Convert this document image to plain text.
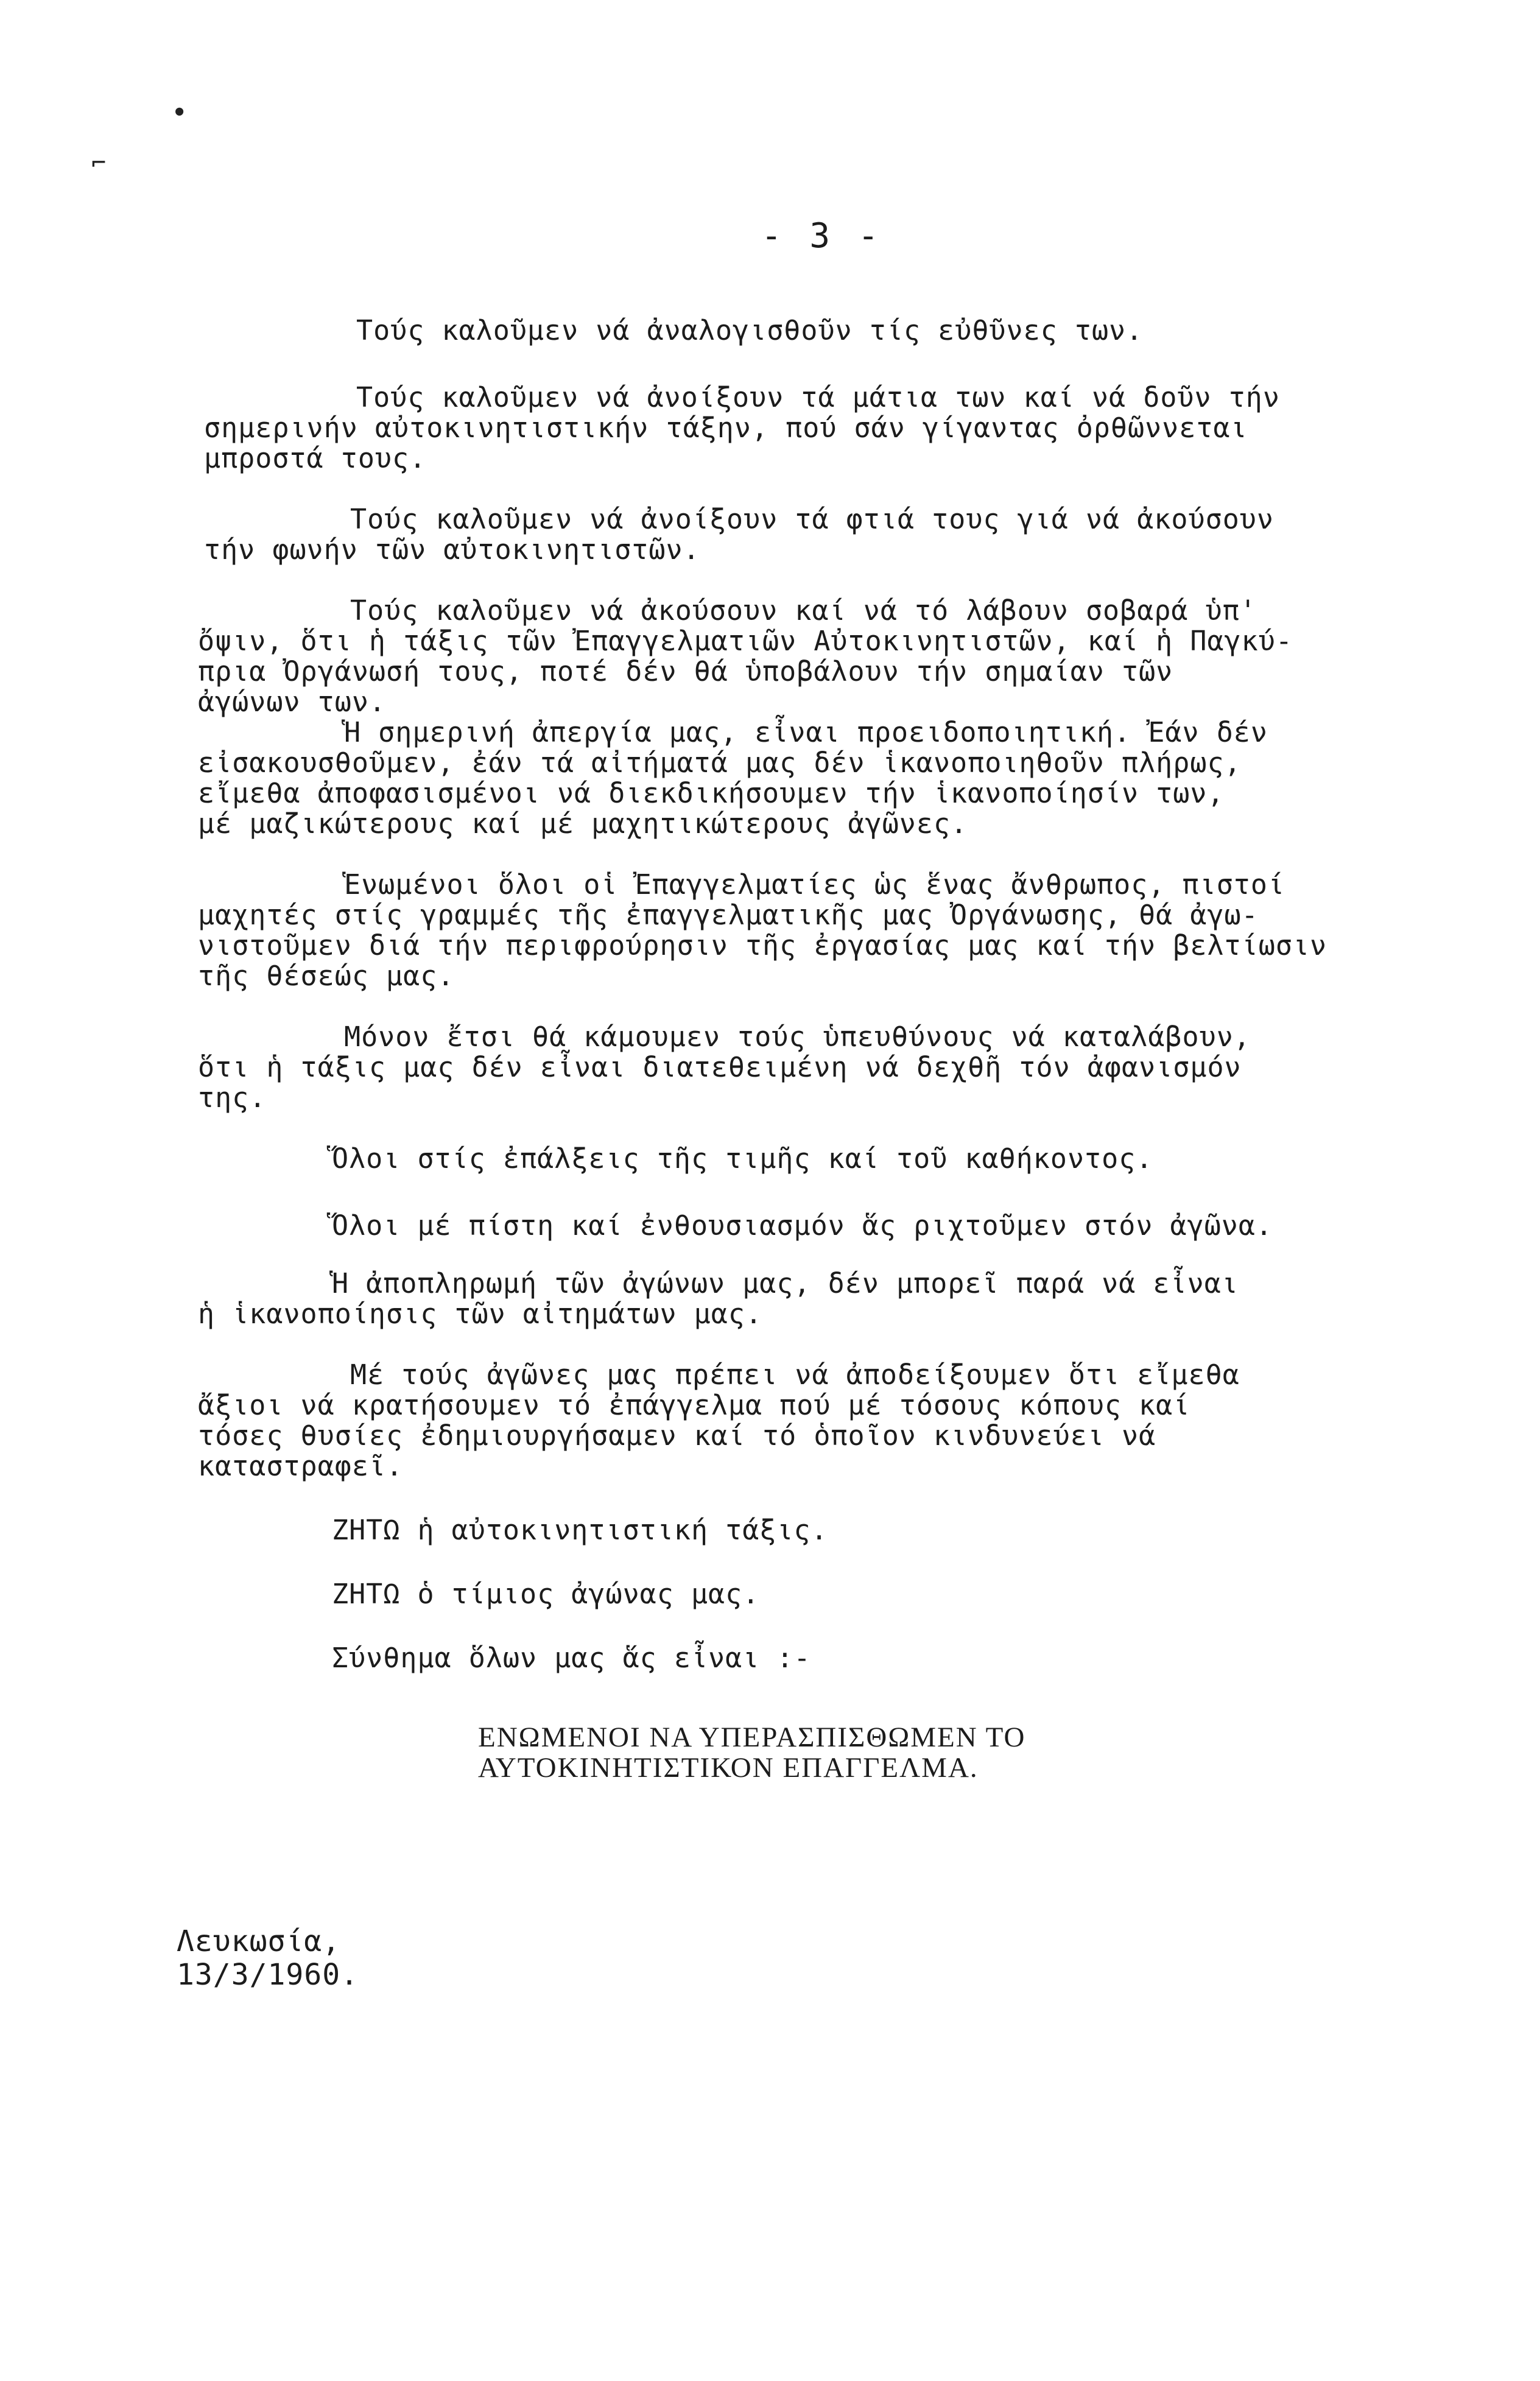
●
⌐
- 3 -
Τούς καλοῦμεν νά ἀναλογισθοῦν τίς εὐθῦνες των.
Τούς καλοῦμεν νά ἀνοίξουν τά μάτια των καί νά δοῦν τήν
σημερινήν αὐτοκινητιστικήν τάξην, πού σάν γίγαντας ὀρθῶννεται
μπροστά τους.
Τούς καλοῦμεν νά ἀνοίξουν τά φτιά τους γιά νά ἀκούσουν
τήν φωνήν τῶν αὐτοκινητιστῶν.
Τούς καλοῦμεν νά ἀκούσουν καί νά τό λάβουν σοβαρά ὑπ'
ὄψιν, ὅτι ἡ τάξις τῶν Ἐπαγγελματιῶν Αὐτοκινητιστῶν, καί ἡ Παγκύ-
πρια Ὀργάνωσή τους, ποτέ δέν θά ὑποβάλουν τήν σημαίαν τῶν
ἀγώνων των.
Ἡ σημερινή ἀπεργία μας, εἶναι προειδοποιητική. Ἐάν δέν
εἰσακουσθοῦμεν, ἐάν τά αἰτήματά μας δέν ἱκανοποιηθοῦν πλήρως,
εἴμεθα ἀποφασισμένοι νά διεκδικήσουμεν τήν ἱκανοποίησίν των,
μέ μαζικώτερους καί μέ μαχητικώτερους ἀγῶνες.
Ἑνωμένοι ὅλοι οἱ Ἐπαγγελματίες ὡς ἕνας ἄνθρωπος, πιστοί
μαχητές στίς γραμμές τῆς ἐπαγγελματικῆς μας Ὀργάνωσης, θά ἀγω-
νιστοῦμεν διά τήν περιφρούρησιν τῆς ἐργασίας μας καί τήν βελτίωσιν
τῆς θέσεώς μας.
Μόνον ἔτσι θά κάμουμεν τούς ὑπευθύνους νά καταλάβουν,
ὅτι ἡ τάξις μας δέν εἶναι διατεθειμένη νά δεχθῆ τόν ἀφανισμόν
της.
Ὅλοι στίς ἐπάλξεις τῆς τιμῆς καί τοῦ καθήκοντος.
Ὅλοι μέ πίστη καί ἐνθουσιασμόν ἅς ριχτοῦμεν στόν ἀγῶνα.
Ἡ ἀποπληρωμή τῶν ἀγώνων μας, δέν μπορεῖ παρά νά εἶναι
ἡ ἱκανοποίησις τῶν αἰτημάτων μας.
Μέ τούς ἀγῶνες μας πρέπει νά ἀποδείξουμεν ὅτι εἴμεθα
ἄξιοι νά κρατήσουμεν τό ἐπάγγελμα πού μέ τόσους κόπους καί
τόσες θυσίες ἐδημιουργήσαμεν καί τό ὁποῖον κινδυνεύει νά
καταστραφεῖ.
ΖΗΤΩ ἡ αὐτοκινητιστική τάξις.
ΖΗΤΩ ὁ τίμιος ἀγώνας μας.
Σύνθημα ὅλων μας ἅς εἶναι :-
ΕΝΩΜΕΝΟΙ ΝΑ ΥΠΕΡΑΣΠΙΣΘΩΜΕΝ ΤΟ
ΑΥΤΟΚΙΝΗΤΙΣΤΙΚΟΝ ΕΠΑΓΓΕΛΜΑ.
Λευκωσία,
13/3/1960.
